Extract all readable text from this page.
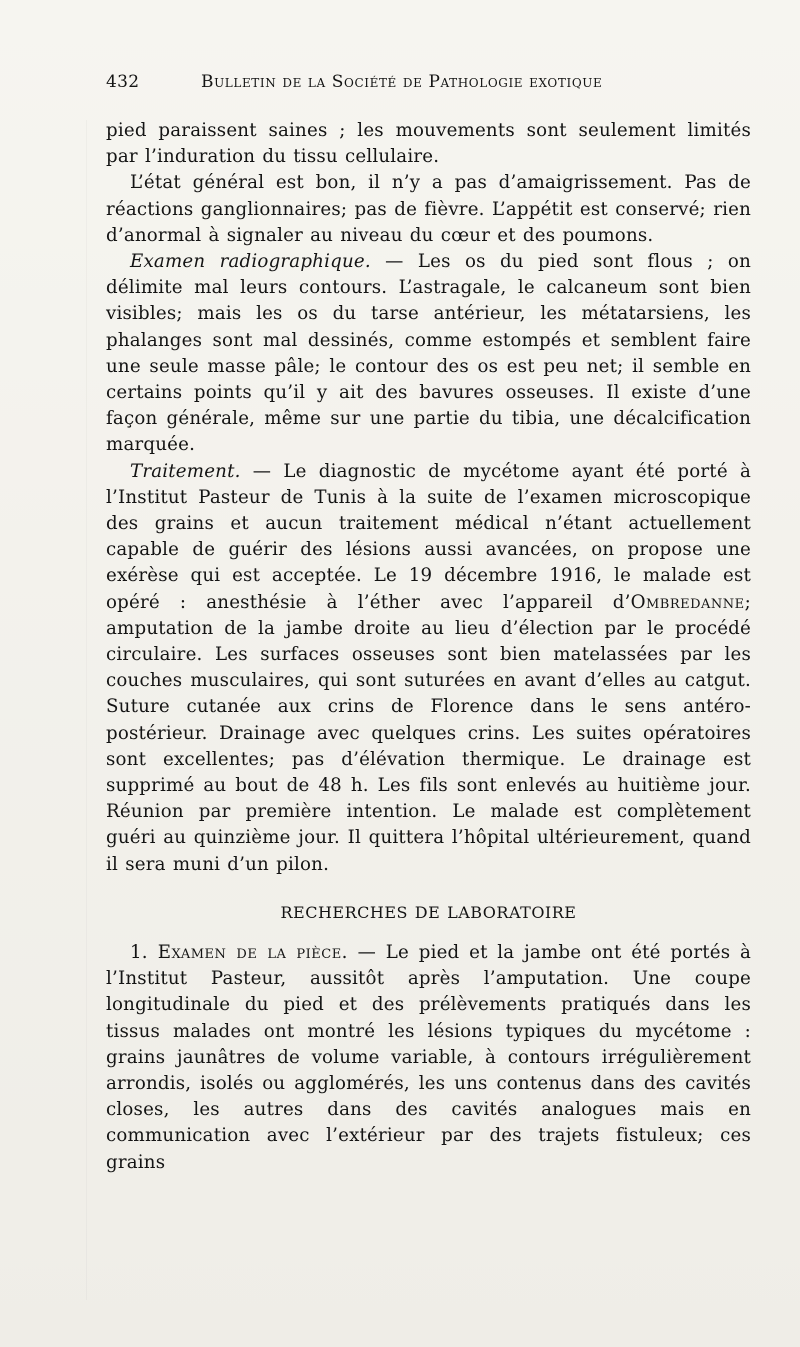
432	Bulletin de la Société de Pathologie exotique

pied paraissent saines ; les mouvements sont seulement limités par l’induration du tissu cellulaire.

L’état général est bon, il n’y a pas d’amaigrissement. Pas de réactions ganglionnaires; pas de fièvre. L’appétit est conservé; rien d’anormal à signaler au niveau du cœur et des poumons.

Examen radiographique. — Les os du pied sont flous ; on délimite mal leurs contours. L’astragale, le calcaneum sont bien visibles; mais les os du tarse antérieur, les métatarsiens, les phalanges sont mal dessinés, comme estompés et semblent faire une seule masse pâle; le contour des os est peu net; il semble en certains points qu’il y ait des bavures osseuses. Il existe d’une façon générale, même sur une partie du tibia, une décalcification marquée.

Traitement. — Le diagnostic de mycétome ayant été porté à l’Institut Pasteur de Tunis à la suite de l’examen microscopique des grains et aucun traitement médical n’étant actuellement capable de guérir des lésions aussi avancées, on propose une exérèse qui est acceptée. Le 19 décembre 1916, le malade est opéré : anesthésie à l’éther avec l’appareil d’Ombredanne; amputation de la jambe droite au lieu d’élection par le procédé circulaire. Les surfaces osseuses sont bien matelassées par les couches musculaires, qui sont suturées en avant d’elles au catgut. Suture cutanée aux crins de Florence dans le sens antéro-postérieur. Drainage avec quelques crins. Les suites opératoires sont excellentes; pas d’élévation thermique. Le drainage est supprimé au bout de 48 h. Les fils sont enlevés au huitième jour. Réunion par première intention. Le malade est complètement guéri au quinzième jour. Il quittera l’hôpital ultérieurement, quand il sera muni d’un pilon.

RECHERCHES DE LABORATOIRE

1. Examen de la pièce. — Le pied et la jambe ont été portés à l’Institut Pasteur, aussitôt après l’amputation. Une coupe longitudinale du pied et des prélèvements pratiqués dans les tissus malades ont montré les lésions typiques du mycétome : grains jaunâtres de volume variable, à contours irrégulièrement arrondis, isolés ou agglomérés, les uns contenus dans des cavités closes, les autres dans des cavités analogues mais en communication avec l’extérieur par des trajets fistuleux; ces grains
